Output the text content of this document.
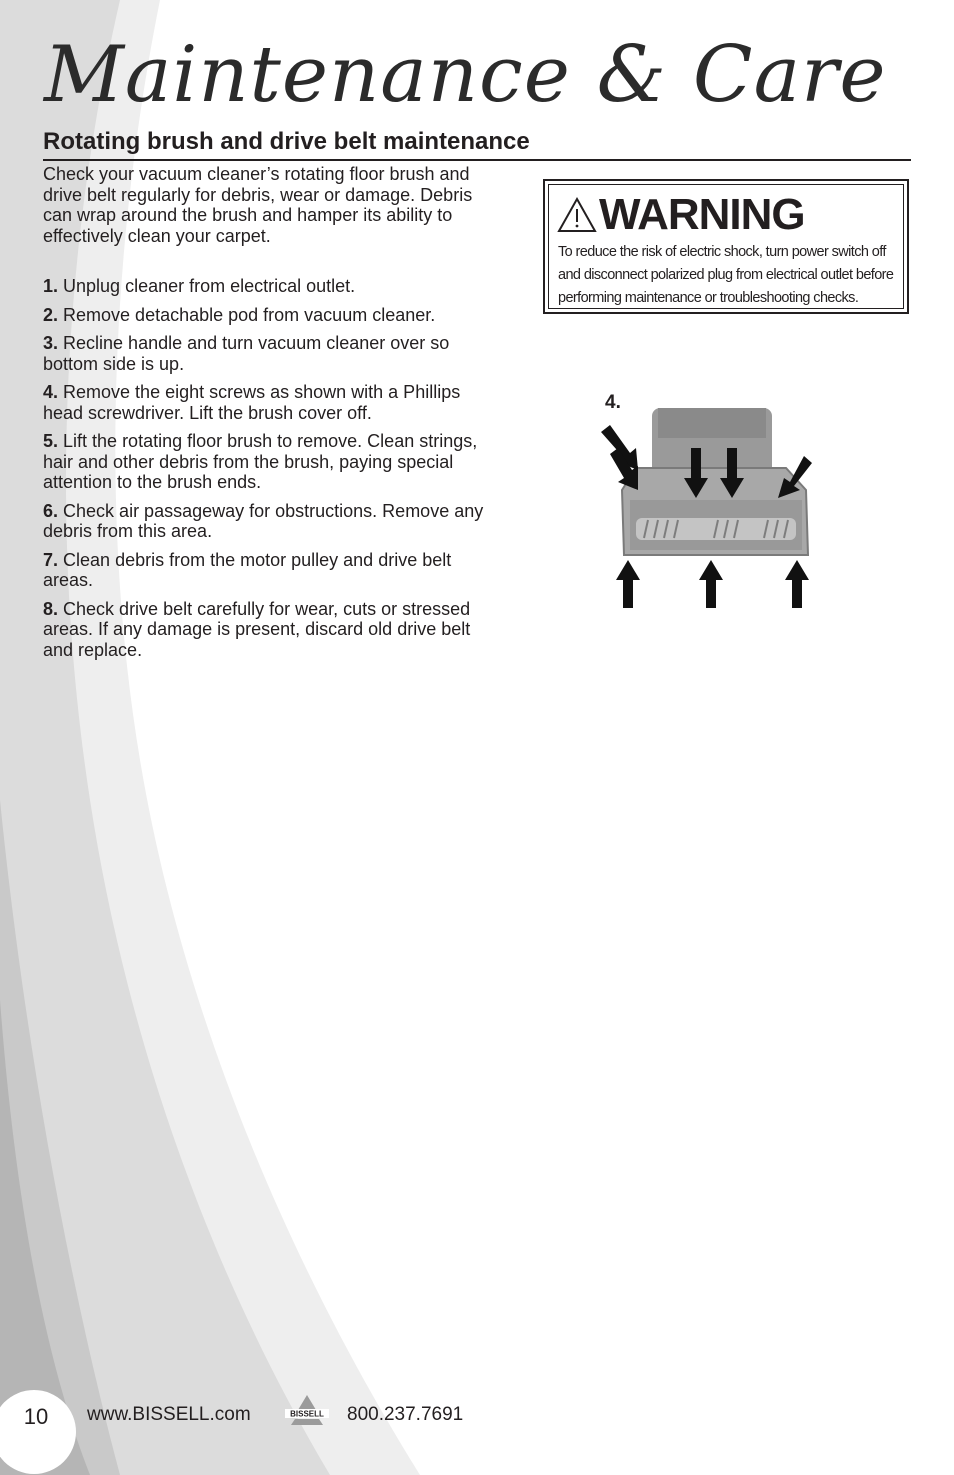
Maintenance & Care
Rotating brush and drive belt maintenance

Check your vacuum cleaner’s rotating floor brush and drive belt regularly for debris, wear or damage. Debris can wrap around the brush and hamper its ability to effectively clean your carpet.

1. Unplug cleaner from electrical outlet.
2. Remove detachable pod from vacuum cleaner.
3. Recline handle and turn vacuum cleaner over so bottom side is up.
4. Remove the eight screws as shown with a Phillips head screwdriver. Lift the brush cover off.
5. Lift the rotating floor brush to remove. Clean strings, hair and other debris from the brush, paying special attention to the brush ends.
6. Check air passageway for obstructions. Remove any debris from this area.
7. Clean debris from the motor pulley and drive belt areas.
8. Check drive belt carefully for wear, cuts or stressed areas. If any damage is present, discard old drive belt and replace.
WARNING

To reduce the risk of electric shock, turn power switch off and disconnect polarized plug from electrical outlet before performing maintenance or troubleshooting checks.

4.
10	www.BISSELL.com	BISSELL 800.237.7691
